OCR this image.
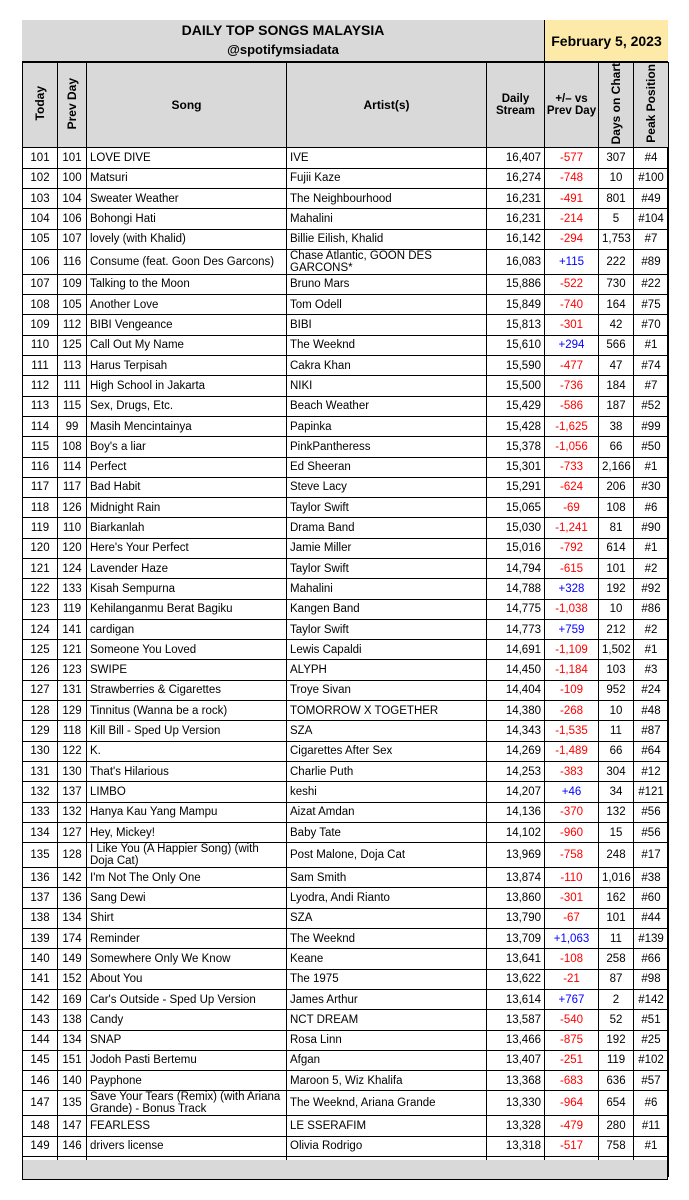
DAILY TOP SONGS MALAYSIA
@spotifymsiadata
February 5, 2023
Today	Prev Day	Song	Artist(s)	Daily Stream	+/– vs Prev Day	Days on Chart	Peak Position
101	101	LOVE DIVE	IVE	16,407	-577	307	#4
102	100	Matsuri	Fujii Kaze	16,274	-748	10	#100
103	104	Sweater Weather	The Neighbourhood	16,231	-491	801	#49
104	106	Bohongi Hati	Mahalini	16,231	-214	5	#104
105	107	lovely (with Khalid)	Billie Eilish, Khalid	16,142	-294	1,753	#7
106	116	Consume (feat. Goon Des Garcons)	Chase Atlantic, GOON DES GARCONS*	16,083	+115	222	#89
107	109	Talking to the Moon	Bruno Mars	15,886	-522	730	#22
108	105	Another Love	Tom Odell	15,849	-740	164	#75
109	112	BIBI Vengeance	BIBI	15,813	-301	42	#70
110	125	Call Out My Name	The Weeknd	15,610	+294	566	#1
111	113	Harus Terpisah	Cakra Khan	15,590	-477	47	#74
112	111	High School in Jakarta	NIKI	15,500	-736	184	#7
113	115	Sex, Drugs, Etc.	Beach Weather	15,429	-586	187	#52
114	99	Masih Mencintainya	Papinka	15,428	-1,625	38	#99
115	108	Boy's a liar	PinkPantheress	15,378	-1,056	66	#50
116	114	Perfect	Ed Sheeran	15,301	-733	2,166	#1
117	117	Bad Habit	Steve Lacy	15,291	-624	206	#30
118	126	Midnight Rain	Taylor Swift	15,065	-69	108	#6
119	110	Biarkanlah	Drama Band	15,030	-1,241	81	#90
120	120	Here's Your Perfect	Jamie Miller	15,016	-792	614	#1
121	124	Lavender Haze	Taylor Swift	14,794	-615	101	#2
122	133	Kisah Sempurna	Mahalini	14,788	+328	192	#92
123	119	Kehilanganmu Berat Bagiku	Kangen Band	14,775	-1,038	10	#86
124	141	cardigan	Taylor Swift	14,773	+759	212	#2
125	121	Someone You Loved	Lewis Capaldi	14,691	-1,109	1,502	#1
126	123	SWIPE	ALYPH	14,450	-1,184	103	#3
127	131	Strawberries & Cigarettes	Troye Sivan	14,404	-109	952	#24
128	129	Tinnitus (Wanna be a rock)	TOMORROW X TOGETHER	14,380	-268	10	#48
129	118	Kill Bill - Sped Up Version	SZA	14,343	-1,535	11	#87
130	122	K.	Cigarettes After Sex	14,269	-1,489	66	#64
131	130	That's Hilarious	Charlie Puth	14,253	-383	304	#12
132	137	LIMBO	keshi	14,207	+46	34	#121
133	132	Hanya Kau Yang Mampu	Aizat Amdan	14,136	-370	132	#56
134	127	Hey, Mickey!	Baby Tate	14,102	-960	15	#56
135	128	I Like You (A Happier Song) (with Doja Cat)	Post Malone, Doja Cat	13,969	-758	248	#17
136	142	I'm Not The Only One	Sam Smith	13,874	-110	1,016	#38
137	136	Sang Dewi	Lyodra, Andi Rianto	13,860	-301	162	#60
138	134	Shirt	SZA	13,790	-67	101	#44
139	174	Reminder	The Weeknd	13,709	+1,063	11	#139
140	149	Somewhere Only We Know	Keane	13,641	-108	258	#66
141	152	About You	The 1975	13,622	-21	87	#98
142	169	Car's Outside - Sped Up Version	James Arthur	13,614	+767	2	#142
143	138	Candy	NCT DREAM	13,587	-540	52	#51
144	134	SNAP	Rosa Linn	13,466	-875	192	#25
145	151	Jodoh Pasti Bertemu	Afgan	13,407	-251	119	#102
146	140	Payphone	Maroon 5, Wiz Khalifa	13,368	-683	636	#57
147	135	Save Your Tears (Remix) (with Ariana Grande) - Bonus Track	The Weeknd, Ariana Grande	13,330	-964	654	#6
148	147	FEARLESS	LE SSERAFIM	13,328	-479	280	#11
149	146	drivers license	Olivia Rodrigo	13,318	-517	758	#1
